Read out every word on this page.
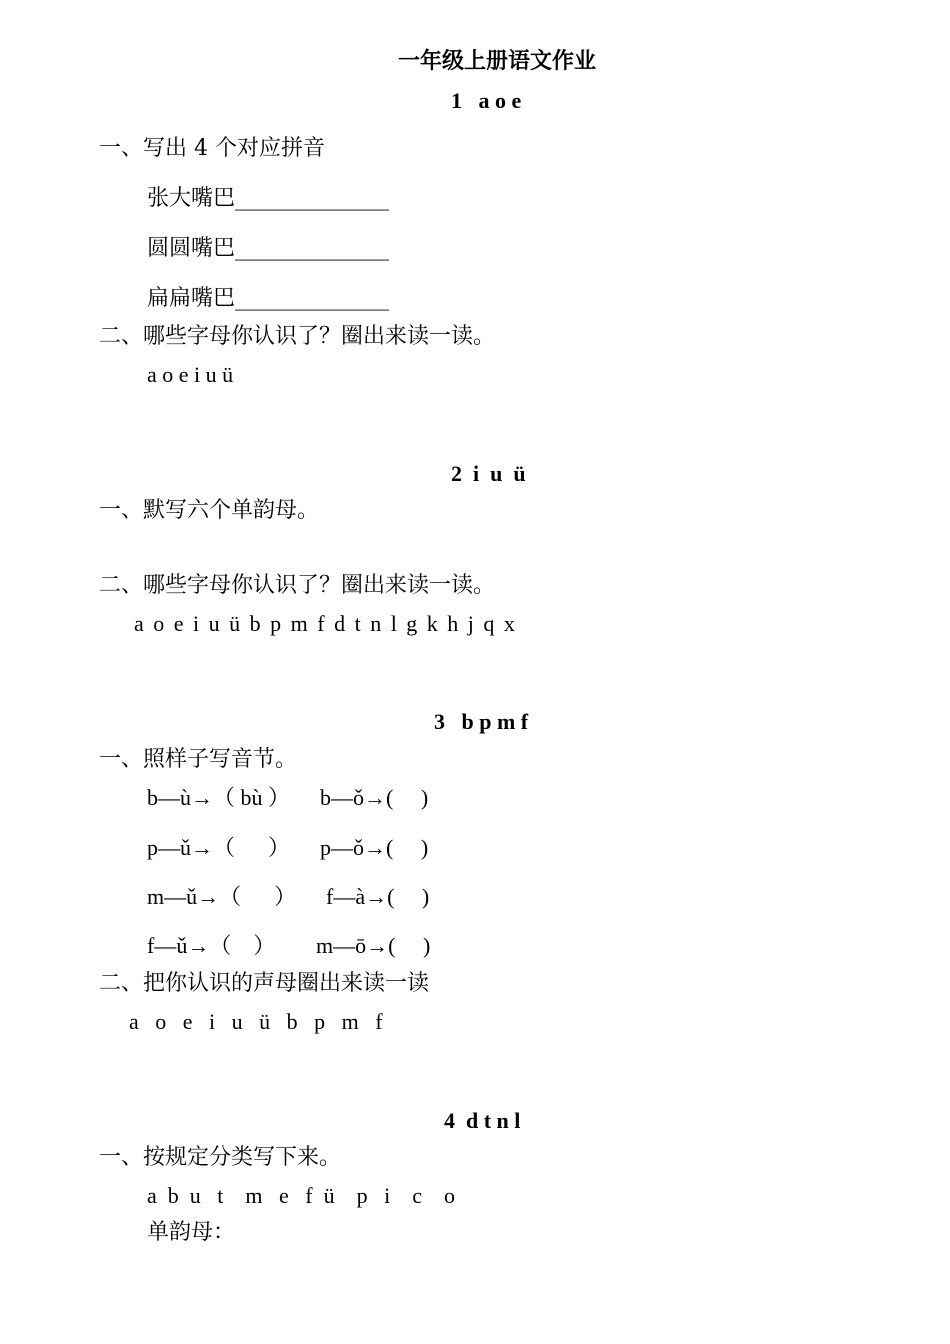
一年级上册语文作业
1   a o e
一、写出 4 个对应拼音
张大嘴巴______________
圆圆嘴巴______________
扁扁嘴巴______________
二、哪些字母你认识了？圈出来读一读。
a o e i u ü
2  i  u  ü
一、默写六个单韵母。
二、哪些字母你认识了？圈出来读一读。
a o e i u ü b p m f d t n l g k h j q x
3   b p m f
一、照样子写音节。
b—ù→（ bù ） b—ǒ→(     )
p—ǔ→（      ） p—ǒ→(     )
m—ǔ→（      ） f—à→(     )
f—ǔ→（    ） m—ō→(     )
二、把你认识的声母圈出来读一读
a   o   e   i   u   ü   b   p   m   f
4  d t n l
一、按规定分类写下来。
a  b  u   t    m   e   f  ü    p   i    c    o
单韵母：
